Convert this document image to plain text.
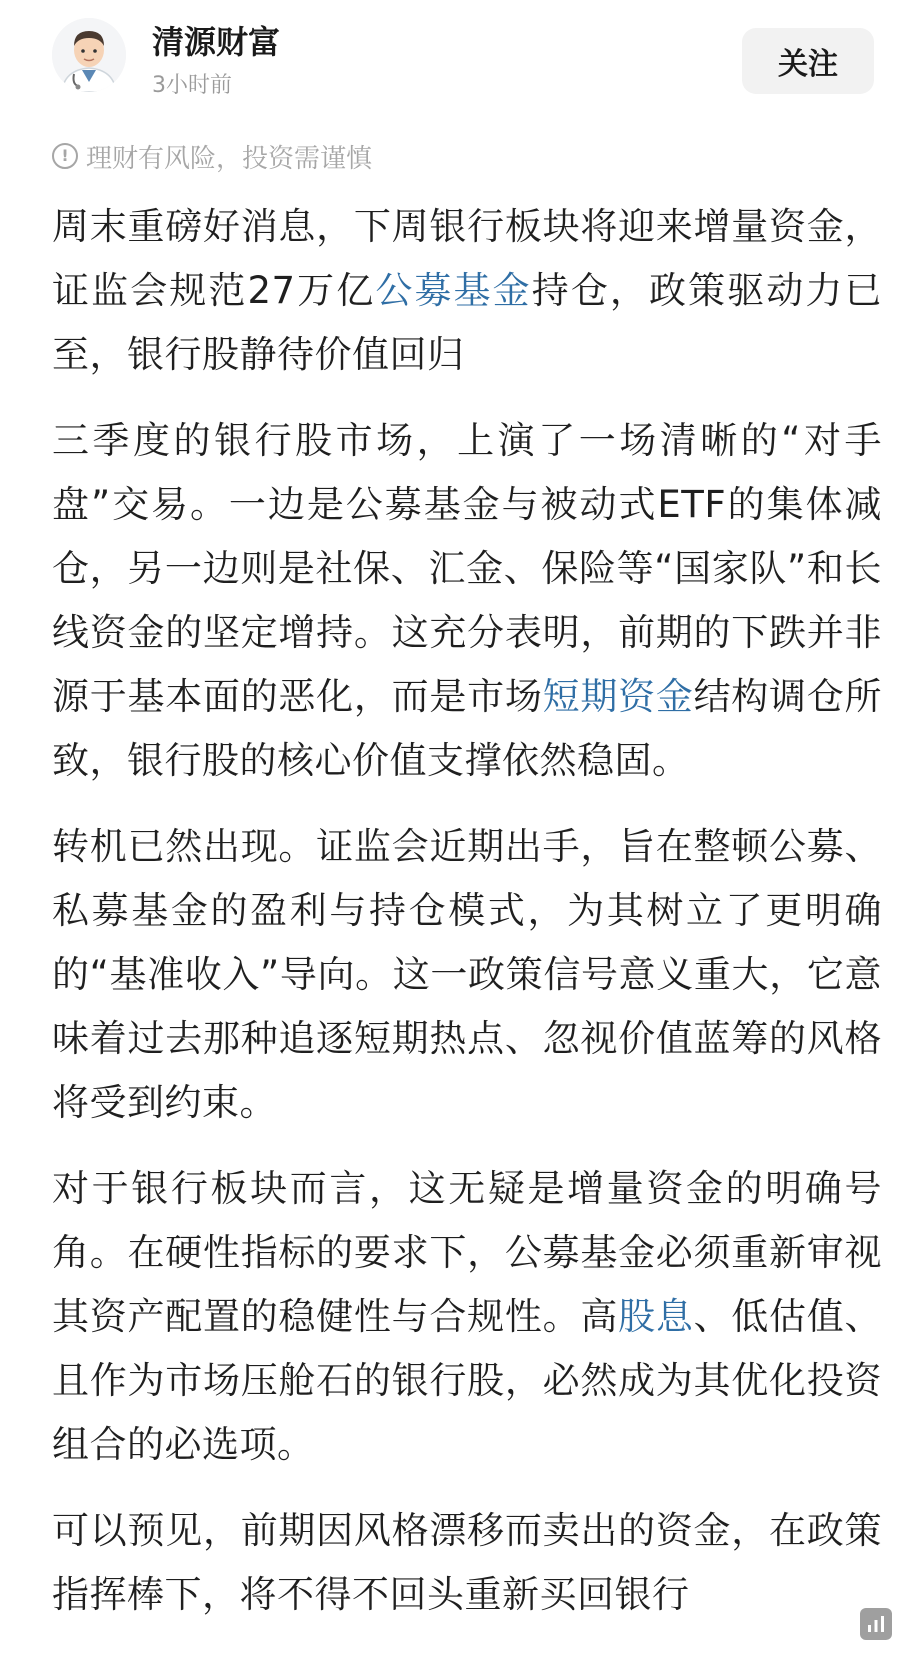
清源财富
3小时前
关注
! 理财有风险，投资需谨慎

周末重磅好消息，下周银行板块将迎来增量资金，证监会规范27万亿公募基金持仓，政策驱动力已至，银行股静待价值回归

三季度的银行股市场，上演了一场清晰的“对手盘”交易。一边是公募基金与被动式ETF的集体减仓，另一边则是社保、汇金、保险等“国家队”和长线资金的坚定增持。这充分表明，前期的下跌并非源于基本面的恶化，而是市场短期资金结构调仓所致，银行股的核心价值支撑依然稳固。

转机已然出现。证监会近期出手，旨在整顿公募、私募基金的盈利与持仓模式，为其树立了更明确的“基准收入”导向。这一政策信号意义重大，它意味着过去那种追逐短期热点、忽视价值蓝筹的风格将受到约束。

对于银行板块而言，这无疑是增量资金的明确号角。在硬性指标的要求下，公募基金必须重新审视其资产配置的稳健性与合规性。高股息、低估值、且作为市场压舱石的银行股，必然成为其优化投资组合的必选项。

可以预见，前期因风格漂移而卖出的资金，在政策指挥棒下，将不得不回头重新买回银行
